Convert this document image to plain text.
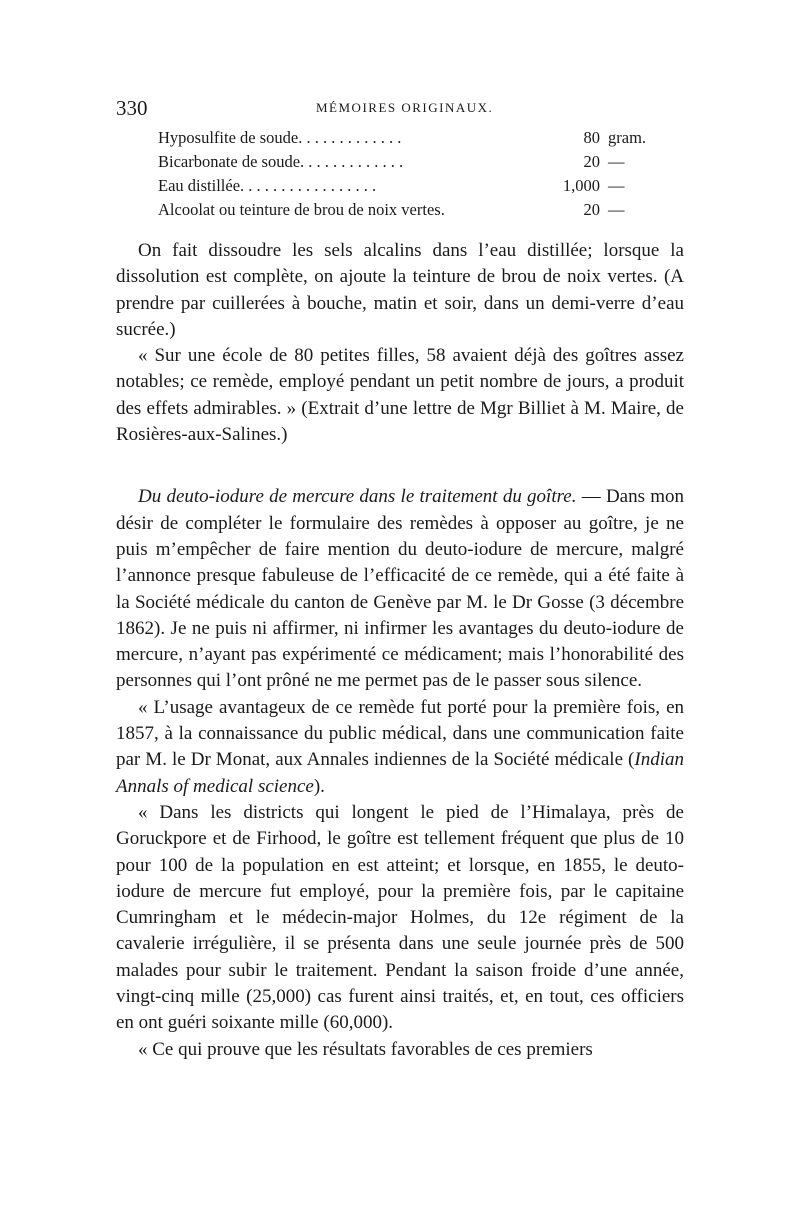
330	MÉMOIRES ORIGINAUX.
Hyposulfite de soude. . . . . . . . . . . . .	80 gram.
Bicarbonate de soude. . . . . . . . . . . . .	20 —
Eau distillée. . . . . . . . . . . . . . . . .	1,000 —
Alcoolat ou teinture de brou de noix vertes.	20 —

On fait dissoudre les sels alcalins dans l’eau distillée; lorsque la dissolution est complète, on ajoute la teinture de brou de noix vertes. (A prendre par cuillerées à bouche, matin et soir, dans un demi-verre d’eau sucrée.)

« Sur une école de 80 petites filles, 58 avaient déjà des goîtres assez notables; ce remède, employé pendant un petit nombre de jours, a produit des effets admirables. » (Extrait d’une lettre de Mgr Billiet à M. Maire, de Rosières-aux-Salines.)

Du deuto-iodure de mercure dans le traitement du goître. — Dans mon désir de compléter le formulaire des remèdes à opposer au goître, je ne puis m’empêcher de faire mention du deuto-iodure de mercure, malgré l’annonce presque fabuleuse de l’efficacité de ce remède, qui a été faite à la Société médicale du canton de Genève par M. le Dr Gosse (3 décembre 1862). Je ne puis ni affirmer, ni infirmer les avantages du deuto-iodure de mercure, n’ayant pas expérimenté ce médicament; mais l’honorabilité des personnes qui l’ont prôné ne me permet pas de le passer sous silence.

« L’usage avantageux de ce remède fut porté pour la première fois, en 1857, à la connaissance du public médical, dans une communication faite par M. le Dr Monat, aux Annales indiennes de la Société médicale (Indian Annals of medical science).

« Dans les districts qui longent le pied de l’Himalaya, près de Goruckpore et de Firhood, le goître est tellement fréquent que plus de 10 pour 100 de la population en est atteint; et lorsque, en 1855, le deuto-iodure de mercure fut employé, pour la première fois, par le capitaine Cumringham et le médecin-major Holmes, du 12e régiment de la cavalerie irrégulière, il se présenta dans une seule journée près de 500 malades pour subir le traitement. Pendant la saison froide d’une année, vingt-cinq mille (25,000) cas furent ainsi traités, et, en tout, ces officiers en ont guéri soixante mille (60,000).

« Ce qui prouve que les résultats favorables de ces premiers
